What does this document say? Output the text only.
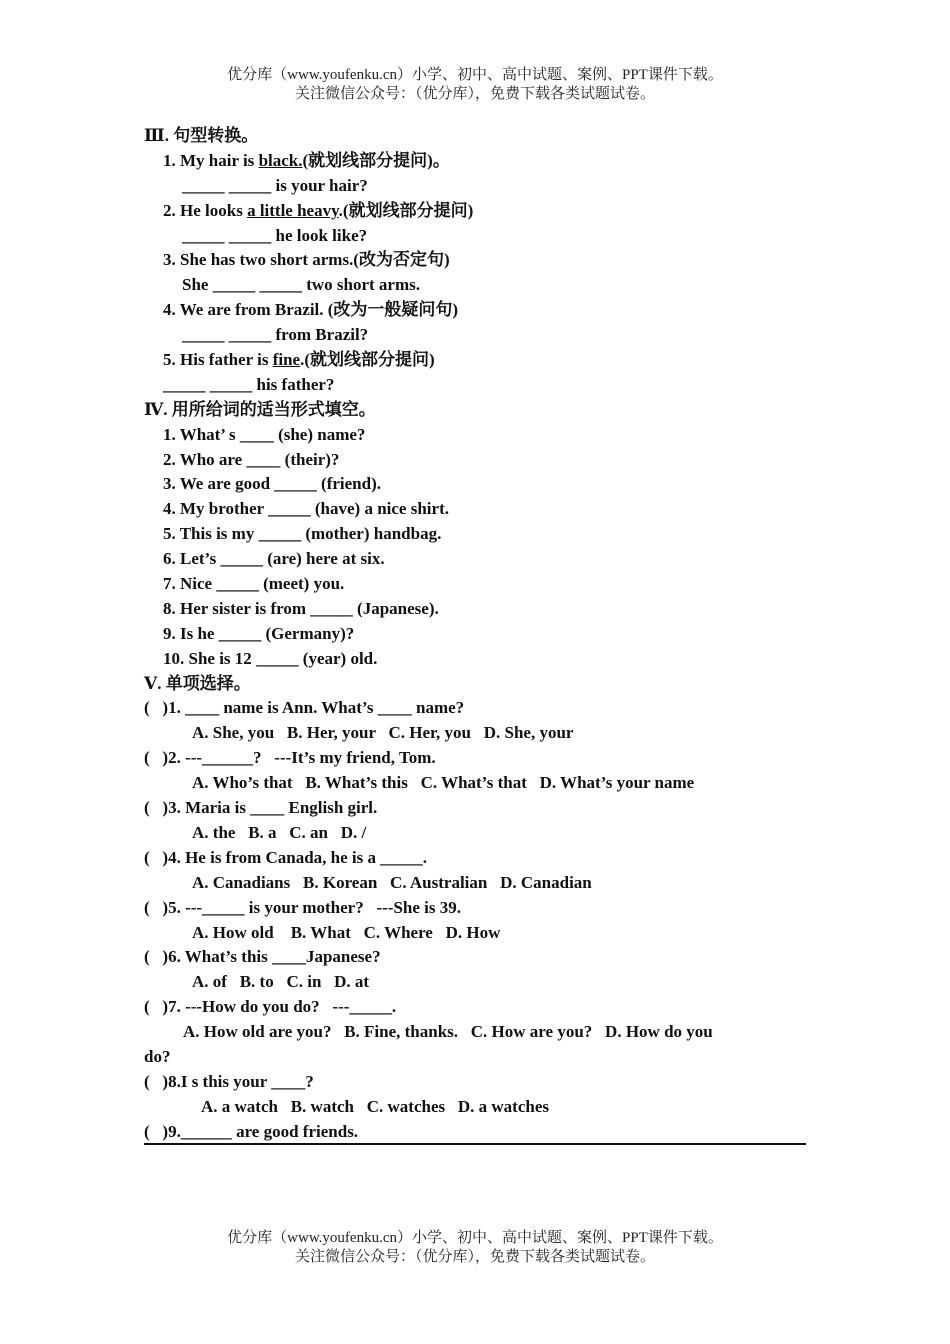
优分库（www.youfenku.cn）小学、初中、高中试题、案例、PPT课件下载。
关注微信公众号：（优分库），免费下载各类试题试卷。
Ⅲ. 句型转换。
1. My hair is black.(就划线部分提问)。
_____ _____ is your hair?
2. He looks a little heavy.(就划线部分提问)
_____ _____ he look like?
3. She has two short arms.(改为否定句)
She _____ _____ two short arms.
4. We are from Brazil. (改为一般疑问句)
_____ _____ from Brazil?
5. His father is fine.(就划线部分提问)
_____ _____ his father?
Ⅳ. 用所给词的适当形式填空。
1. What’ s ____ (she) name?
2. Who are ____ (their)?
3. We are good _____ (friend).
4. My brother _____ (have) a nice shirt.
5. This is my _____ (mother) handbag.
6. Let’s _____ (are) here at six.
7. Nice _____ (meet) you.
8. Her sister is from _____ (Japanese).
9. Is he _____ (Germany)?
10. She is 12 _____ (year) old.
Ⅴ. 单项选择。
(   )1. ____ name is Ann. What’s ____ name?
A. She, you   B. Her, your   C. Her, you   D. She, your
(   )2. ---______?   ---It’s my friend, Tom.
A. Who’s that   B. What’s this   C. What’s that   D. What’s your name
(   )3. Maria is ____ English girl.
A. the   B. a   C. an   D. /
(   )4. He is from Canada, he is a _____.
A. Canadians   B. Korean   C. Australian   D. Canadian
(   )5. ---_____ is your mother?   ---She is 39.
A. How old    B. What   C. Where   D. How
(   )6. What’s this ____Japanese?
A. of   B. to   C. in   D. at
(   )7. ---How do you do?   ---_____.
A. How old are you?   B. Fine, thanks.   C. How are you?   D. How do you
do?
(   )8.I s this your ____?
A. a watch   B. watch   C. watches   D. a watches
(   )9.______ are good friends.
优分库（www.youfenku.cn）小学、初中、高中试题、案例、PPT课件下载。
关注微信公众号：（优分库），免费下载各类试题试卷。
